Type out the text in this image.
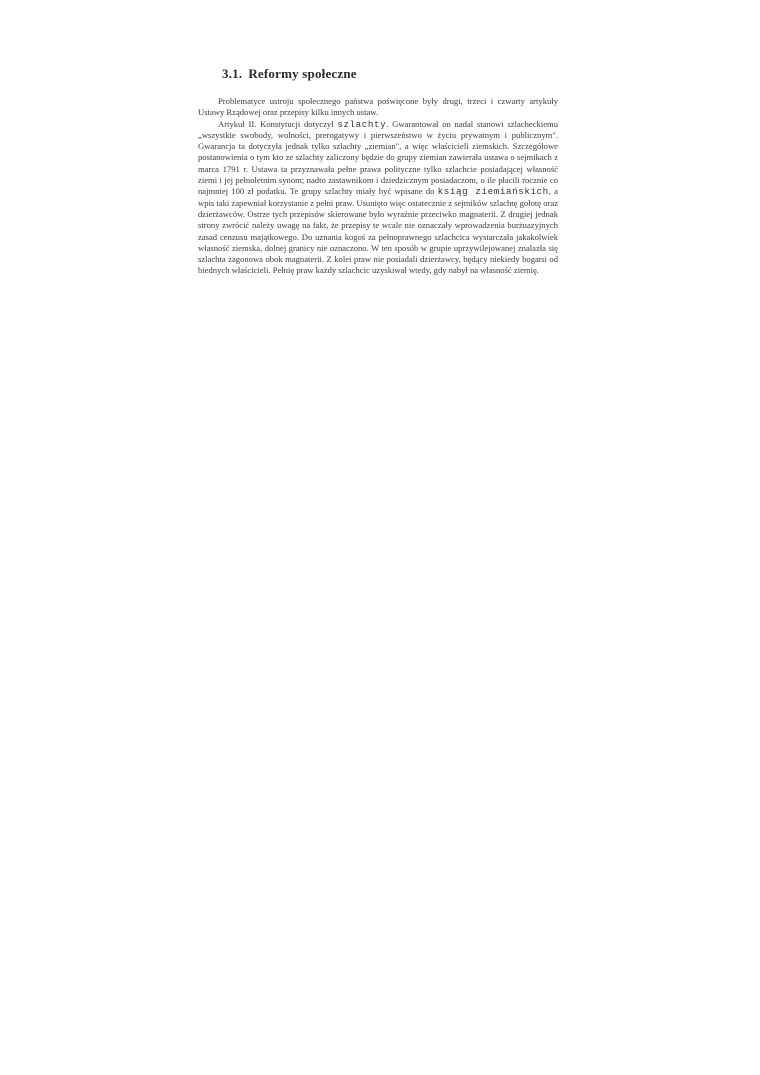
3.1. Reformy społeczne

Problematyce ustroju społecznego państwa poświęcone były drugi, trzeci i czwarty artykuły Ustawy Rządowej oraz przepisy kilku innych ustaw.

Artykuł II. Konstytucji dotyczył szlachty. Gwarantował on nadal stanowi szlacheckiemu „wszystkie swobody, wolności, prerogatywy i pierwszeństwo w życiu prywatnym i publicznym". Gwarancja ta dotyczyła jednak tylko szlachty „ziemian", a więc właścicieli ziemskich. Szczegółowe postanowienia o tym kto ze szlachty zaliczony będzie do grupy ziemian zawierała ustawa o sejmikach z marca 1791 r. Ustawa ta przyznawała pełne prawa polityczne tylko szlachcie posiadającej własność ziemi i jej pełnoletnim synom; nadto zastawnikom i dziedzicznym posiadaczom, o ile płacili rocznie co najmniej 100 zł podatku. Te grupy szlachty miały być wpisane do ksiąg ziemiańskich, a wpis taki zapewniał korzystanie z pełni praw. Usunięto więc ostatecznie z sejmików szlachtę gołotę oraz dzierżawców. Ostrze tych przepisów skierowane było wyraźnie przeciwko magnaterii. Z drugiej jednak strony zwrócić należy uwagę na fakt, że przepisy te wcale nie oznaczały wprowadzenia burżuazyjnych zasad cenzusu majątkowego. Do uznania kogoś za pełnoprawnego szlachcica wystarczała jakakolwiek własność ziemska, dolnej granicy nie oznaczono. W ten sposób w grupie uprzywilejowanej znalazła się szlachta zagonowa obok magnaterii. Z kolei praw nie posiadali dzierżawcy, będący niekiedy bogatsi od biednych właścicieli. Pełnię praw każdy szlachcic uzyskiwał wtedy, gdy nabył na własność ziemię.
